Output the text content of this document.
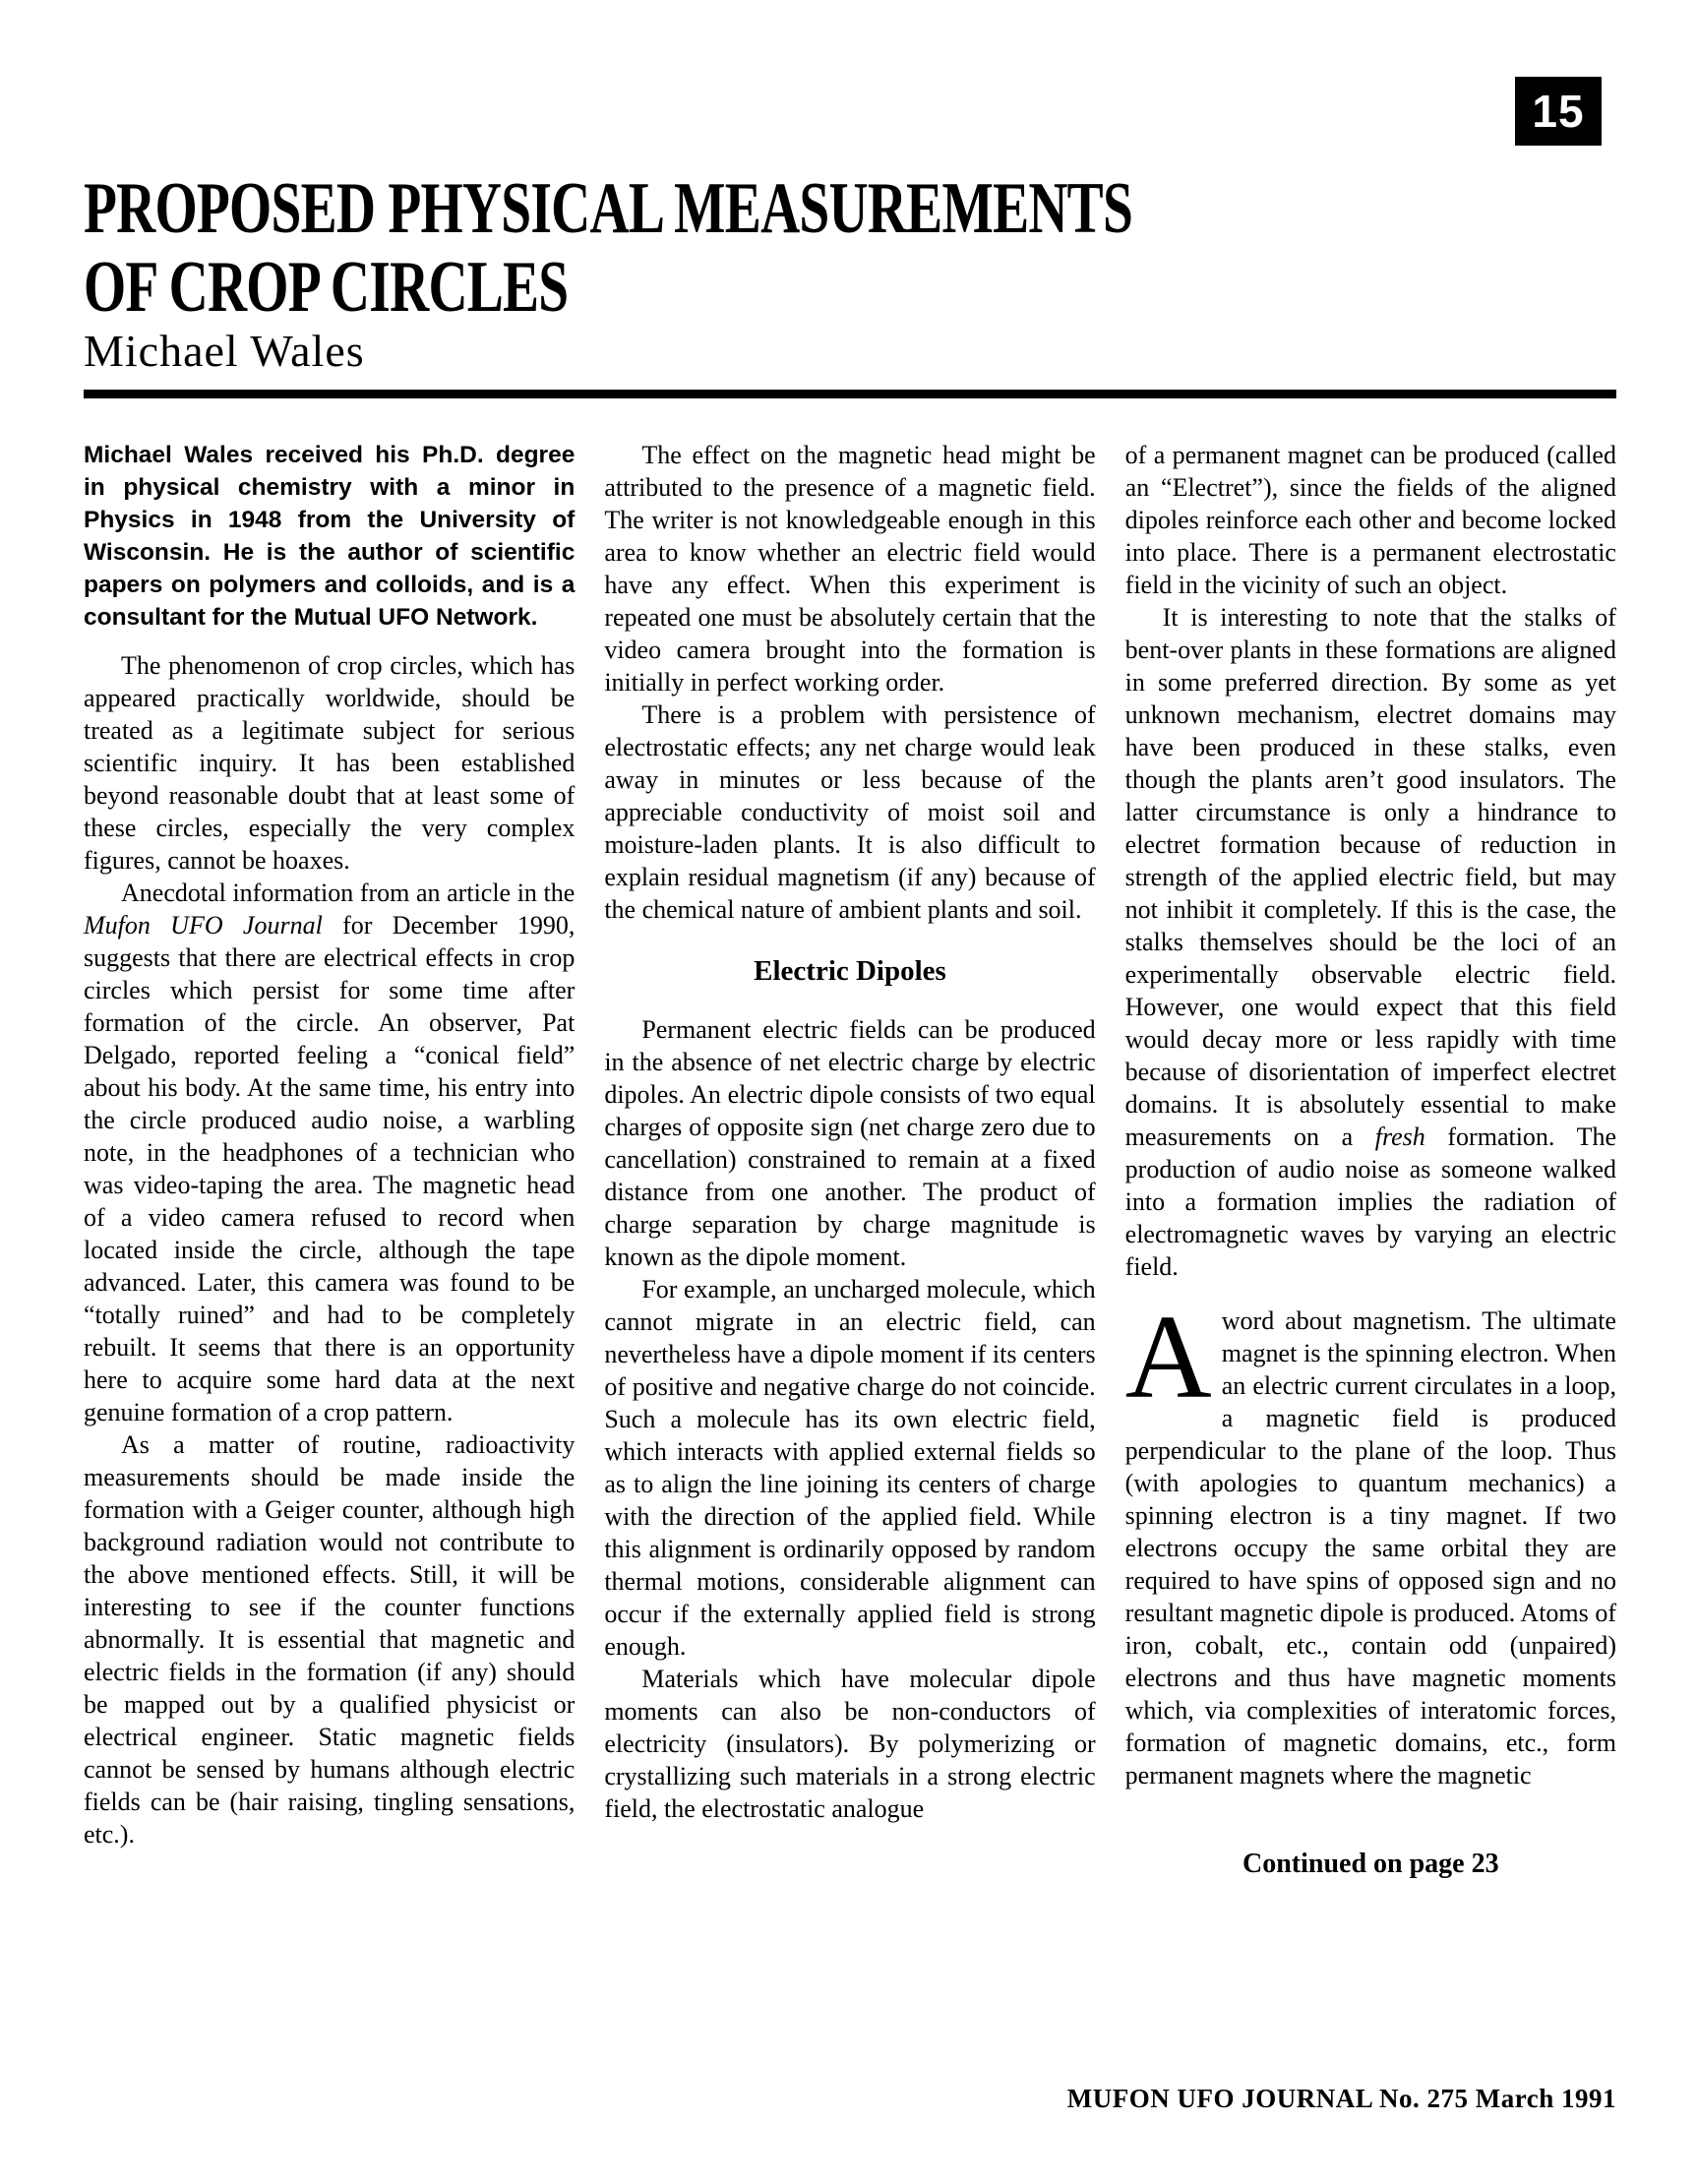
15
PROPOSED PHYSICAL MEASUREMENTS
OF CROP CIRCLES
Michael Wales

Michael Wales received his Ph.D. degree in physical chemistry with a minor in Physics in 1948 from the University of Wisconsin. He is the author of scientific papers on polymers and colloids, and is a consultant for the Mutual UFO Network.

The phenomenon of crop circles, which has appeared practically worldwide, should be treated as a legitimate subject for serious scientific inquiry. It has been established beyond reasonable doubt that at least some of these circles, especially the very complex figures, cannot be hoaxes.

Anecdotal information from an article in the Mufon UFO Journal for December 1990, suggests that there are electrical effects in crop circles which persist for some time after formation of the circle. An observer, Pat Delgado, reported feeling a “conical field” about his body. At the same time, his entry into the circle produced audio noise, a warbling note, in the headphones of a technician who was video-taping the area. The magnetic head of a video camera refused to record when located inside the circle, although the tape advanced. Later, this camera was found to be “totally ruined” and had to be completely rebuilt. It seems that there is an opportunity here to acquire some hard data at the next genuine formation of a crop pattern.

As a matter of routine, radioactivity measurements should be made inside the formation with a Geiger counter, although high background radiation would not contribute to the above mentioned effects. Still, it will be interesting to see if the counter functions abnormally. It is essential that magnetic and electric fields in the formation (if any) should be mapped out by a qualified physicist or electrical engineer. Static magnetic fields cannot be sensed by humans although electric fields can be (hair raising, tingling sensations, etc.).

The effect on the magnetic head might be attributed to the presence of a magnetic field. The writer is not knowledgeable enough in this area to know whether an electric field would have any effect. When this experiment is repeated one must be absolutely certain that the video camera brought into the formation is initially in perfect working order.

There is a problem with persistence of electrostatic effects; any net charge would leak away in minutes or less because of the appreciable conductivity of moist soil and moisture-laden plants. It is also difficult to explain residual magnetism (if any) because of the chemical nature of ambient plants and soil.

Electric Dipoles

Permanent electric fields can be produced in the absence of net electric charge by electric dipoles. An electric dipole consists of two equal charges of opposite sign (net charge zero due to cancellation) constrained to remain at a fixed distance from one another. The product of charge separation by charge magnitude is known as the dipole moment.

For example, an uncharged molecule, which cannot migrate in an electric field, can nevertheless have a dipole moment if its centers of positive and negative charge do not coincide. Such a molecule has its own electric field, which interacts with applied external fields so as to align the line joining its centers of charge with the direction of the applied field. While this alignment is ordinarily opposed by random thermal motions, considerable alignment can occur if the externally applied field is strong enough.

Materials which have molecular dipole moments can also be non-conductors of electricity (insulators). By polymerizing or crystallizing such materials in a strong electric field, the electrostatic analogue

of a permanent magnet can be produced (called an “Electret”), since the fields of the aligned dipoles reinforce each other and become locked into place. There is a permanent electrostatic field in the vicinity of such an object.

It is interesting to note that the stalks of bent-over plants in these formations are aligned in some preferred direction. By some as yet unknown mechanism, electret domains may have been produced in these stalks, even though the plants aren’t good insulators. The latter circumstance is only a hindrance to electret formation because of reduction in strength of the applied electric field, but may not inhibit it completely. If this is the case, the stalks themselves should be the loci of an experimentally observable electric field. However, one would expect that this field would decay more or less rapidly with time because of disorientation of imperfect electret domains. It is absolutely essential to make measurements on a fresh formation. The production of audio noise as someone walked into a formation implies the radiation of electromagnetic waves by varying an electric field.

Aword about magnetism. The ultimate magnet is the spinning electron. When an electric current circulates in a loop, a magnetic field is produced perpendicular to the plane of the loop. Thus (with apologies to quantum mechanics) a spinning electron is a tiny magnet. If two electrons occupy the same orbital they are required to have spins of opposed sign and no resultant magnetic dipole is produced. Atoms of iron, cobalt, etc., contain odd (unpaired) electrons and thus have magnetic moments which, via complexities of interatomic forces, formation of magnetic domains, etc., form permanent magnets where the magnetic

Continued on page 23
MUFON UFO JOURNAL No. 275 March 1991
